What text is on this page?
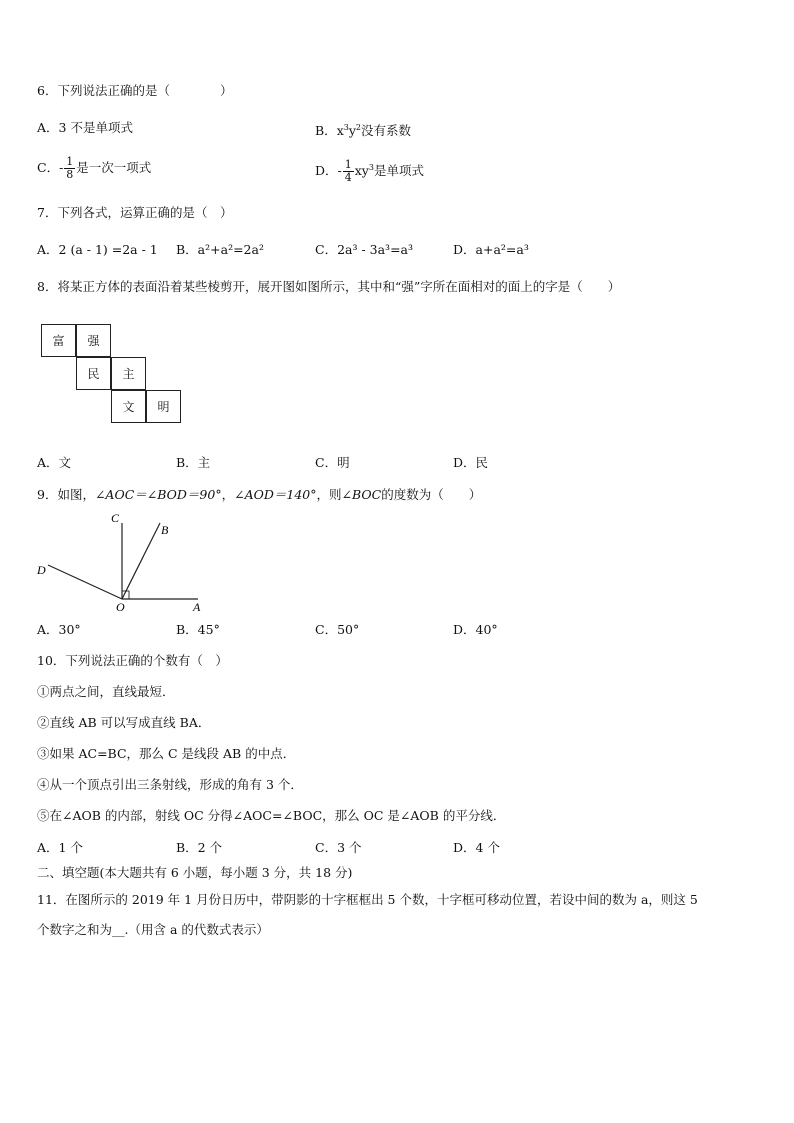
6．下列说法正确的是（　　　　）
A．3 不是单项式	B．$x^3y^2$没有系数
C．- $\frac{1}{8}$ 是一次一项式	D．- $\frac{1}{4} xy^3$是单项式
7．下列各式，运算正确的是（　）
A．2 (a - 1) =2a - 1 B．a²+a²=2a²	C．2a³ - 3a³=a³	D．a+a²=a³
8．将某正方体的表面沿着某些棱剪开，展开图如图所示，其中和“强”字所在面相对的面上的字是（　　）
富	强
民	主
文	明
A．文	B．主	C．明	D．民
9．如图，∠AOC＝∠BOD＝90°，∠AOD＝140°，则∠BOC的度数为（　　）
C
B
D
O	A
A．30°	B．45°	C．50°	D．40°
10．下列说法正确的个数有（　）
①两点之间，直线最短．
②直线 AB 可以写成直线 BA．
③如果 AC=BC，那么 C 是线段 AB 的中点．
④从一个顶点引出三条射线，形成的角有 3 个．
⑤在∠AOB 的内部，射线 OC 分得∠AOC=∠BOC，那么 OC 是∠AOB 的平分线．
A．1 个	B．2 个	C．3 个	D．4 个
二、填空题(本大题共有 6 小题，每小题 3 分，共 18 分)
11．在图所示的 2019 年 1 月份日历中，带阴影的十字框框出 5 个数，十字框可移动位置，若设中间的数为 a，则这 5
个数字之和为__.（用含 a 的代数式表示）
